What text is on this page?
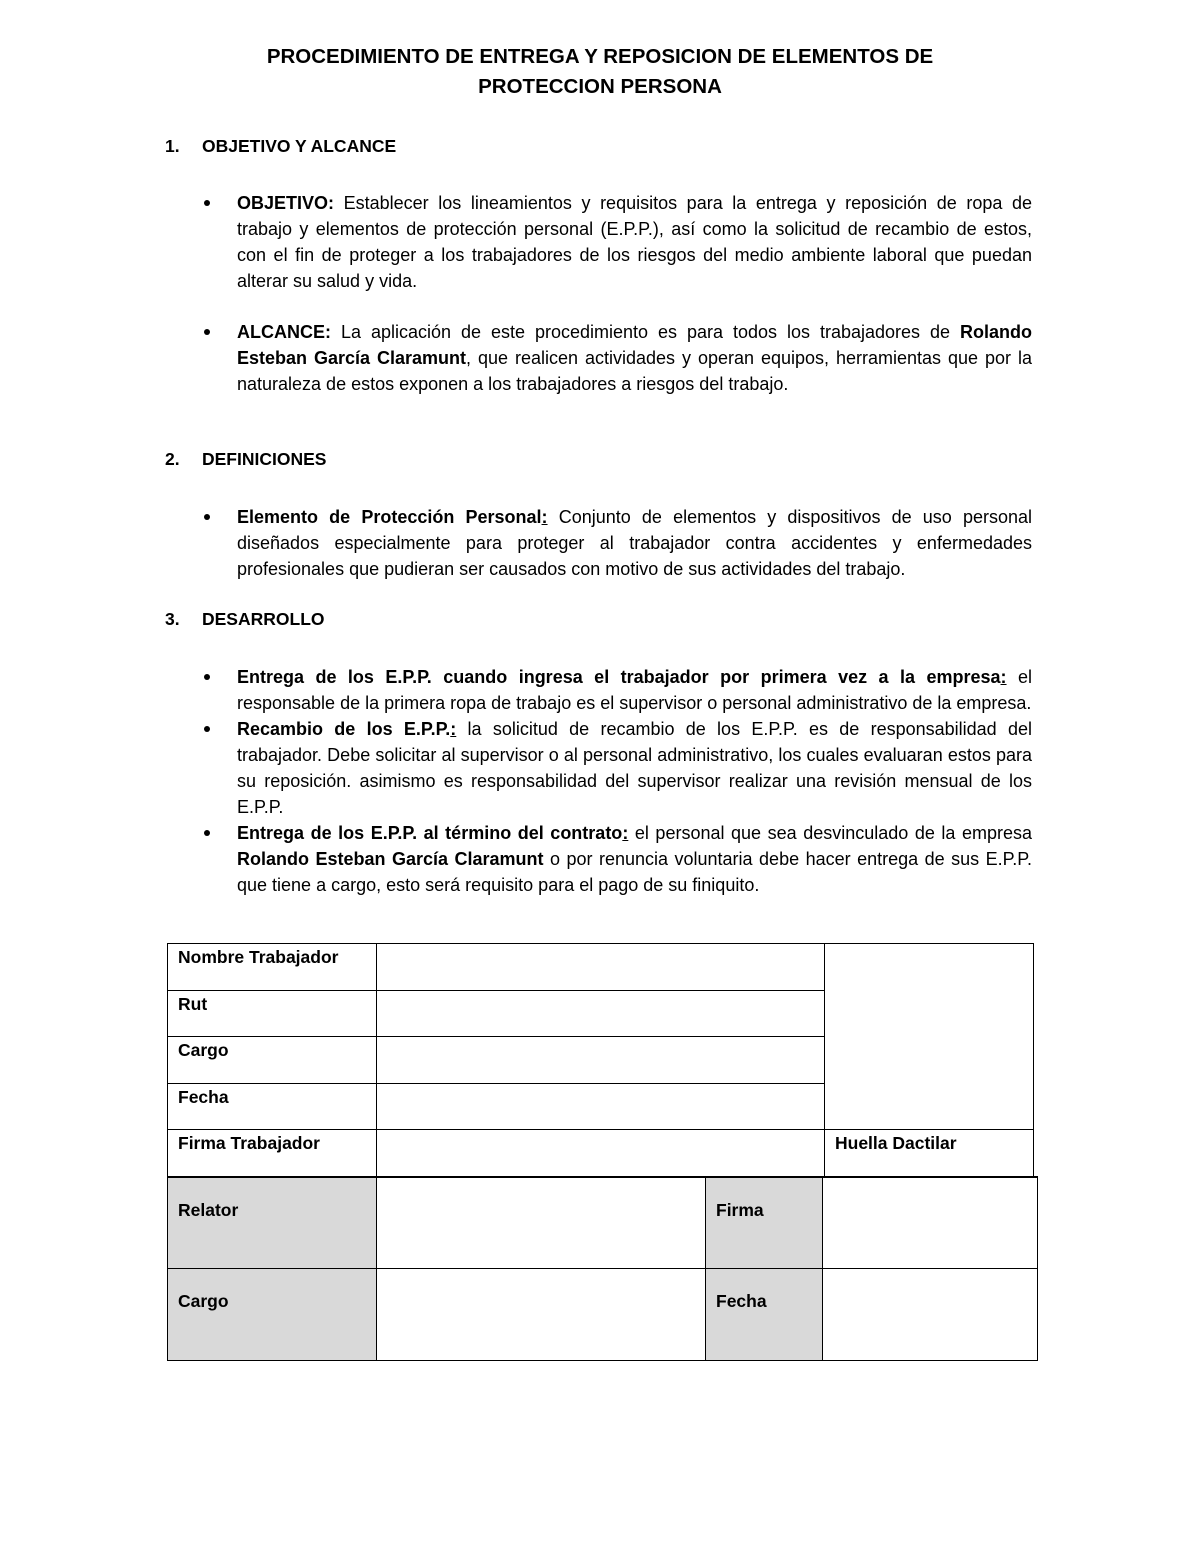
PROCEDIMIENTO DE ENTREGA Y REPOSICION DE ELEMENTOS DE
PROTECCION PERSONA
1. OBJETIVO Y ALCANCE

OBJETIVO: Establecer los lineamientos y requisitos para la entrega y reposición de ropa de trabajo y elementos de protección personal (E.P.P.), así como la solicitud de recambio de estos, con el fin de proteger a los trabajadores de los riesgos del medio ambiente laboral que puedan alterar su salud y vida.

ALCANCE: La aplicación de este procedimiento es para todos los trabajadores de Rolando Esteban García Claramunt, que realicen actividades y operan equipos, herramientas que por la naturaleza de estos exponen a los trabajadores a riesgos del trabajo.

2. DEFINICIONES

Elemento de Protección Personal: Conjunto de elementos y dispositivos de uso personal diseñados especialmente para proteger al trabajador contra accidentes y enfermedades profesionales que pudieran ser causados con motivo de sus actividades del trabajo.

3. DESARROLLO

Entrega de los E.P.P. cuando ingresa el trabajador por primera vez a la empresa: el responsable de la primera ropa de trabajo es el supervisor o personal administrativo de la empresa.

Recambio de los E.P.P.: la solicitud de recambio de los E.P.P. es de responsabilidad del trabajador. Debe solicitar al supervisor o al personal administrativo, los cuales evaluaran estos para su reposición. asimismo es responsabilidad del supervisor realizar una revisión mensual de los E.P.P.

Entrega de los E.P.P. al término del contrato: el personal que sea desvinculado de la empresa Rolando Esteban García Claramunt o por renuncia voluntaria debe hacer entrega de sus E.P.P. que tiene a cargo, esto será requisito para el pago de su finiquito.

Nombre Trabajador		
Rut		
Cargo		
Fecha		
Firma Trabajador		Huella Dactilar
Relator		Firma	
Cargo		Fecha	
